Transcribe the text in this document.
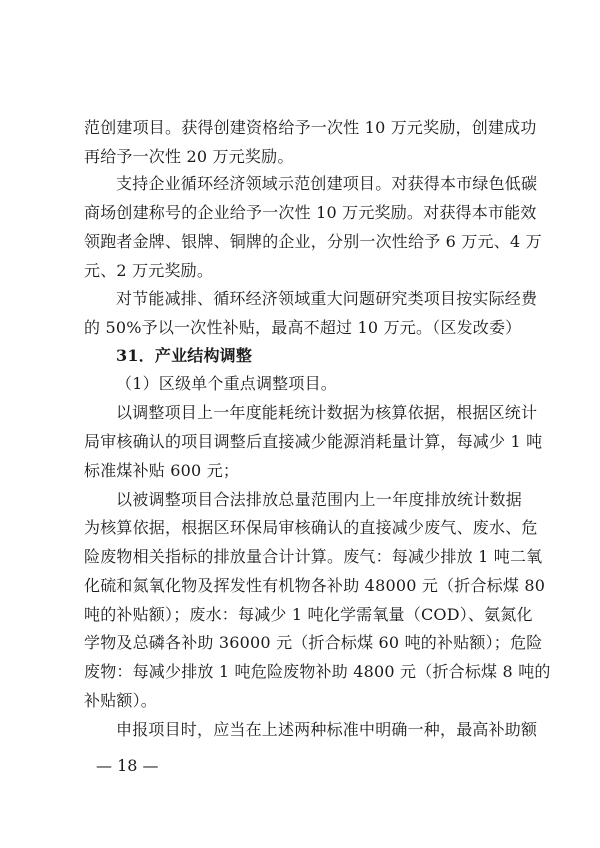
范创建项目。获得创建资格给予一次性 10 万元奖励，创建成功
再给予一次性 20 万元奖励。
支持企业循环经济领域示范创建项目。对获得本市绿色低碳
商场创建称号的企业给予一次性 10 万元奖励。对获得本市能效
领跑者金牌、银牌、铜牌的企业，分别一次性给予 6 万元、4 万
元、2 万元奖励。
对节能减排、循环经济领域重大问题研究类项目按实际经费
的 50%予以一次性补贴，最高不超过 10 万元。（区发改委）
31．产业结构调整
（1）区级单个重点调整项目。
以调整项目上一年度能耗统计数据为核算依据，根据区统计
局审核确认的项目调整后直接减少能源消耗量计算，每减少 1 吨
标准煤补贴 600 元；
以被调整项目合法排放总量范围内上一年度排放统计数据
为核算依据，根据区环保局审核确认的直接减少废气、废水、危
险废物相关指标的排放量合计计算。废气：每减少排放 1 吨二氧
化硫和氮氧化物及挥发性有机物各补助 48000 元（折合标煤 80
吨的补贴额）；废水：每减少 1 吨化学需氧量（COD）、氨氮化
学物及总磷各补助 36000 元（折合标煤 60 吨的补贴额）；危险
废物：每减少排放 1 吨危险废物补助 4800 元（折合标煤 8 吨的
补贴额）。
申报项目时，应当在上述两种标准中明确一种，最高补助额
— 18 —
